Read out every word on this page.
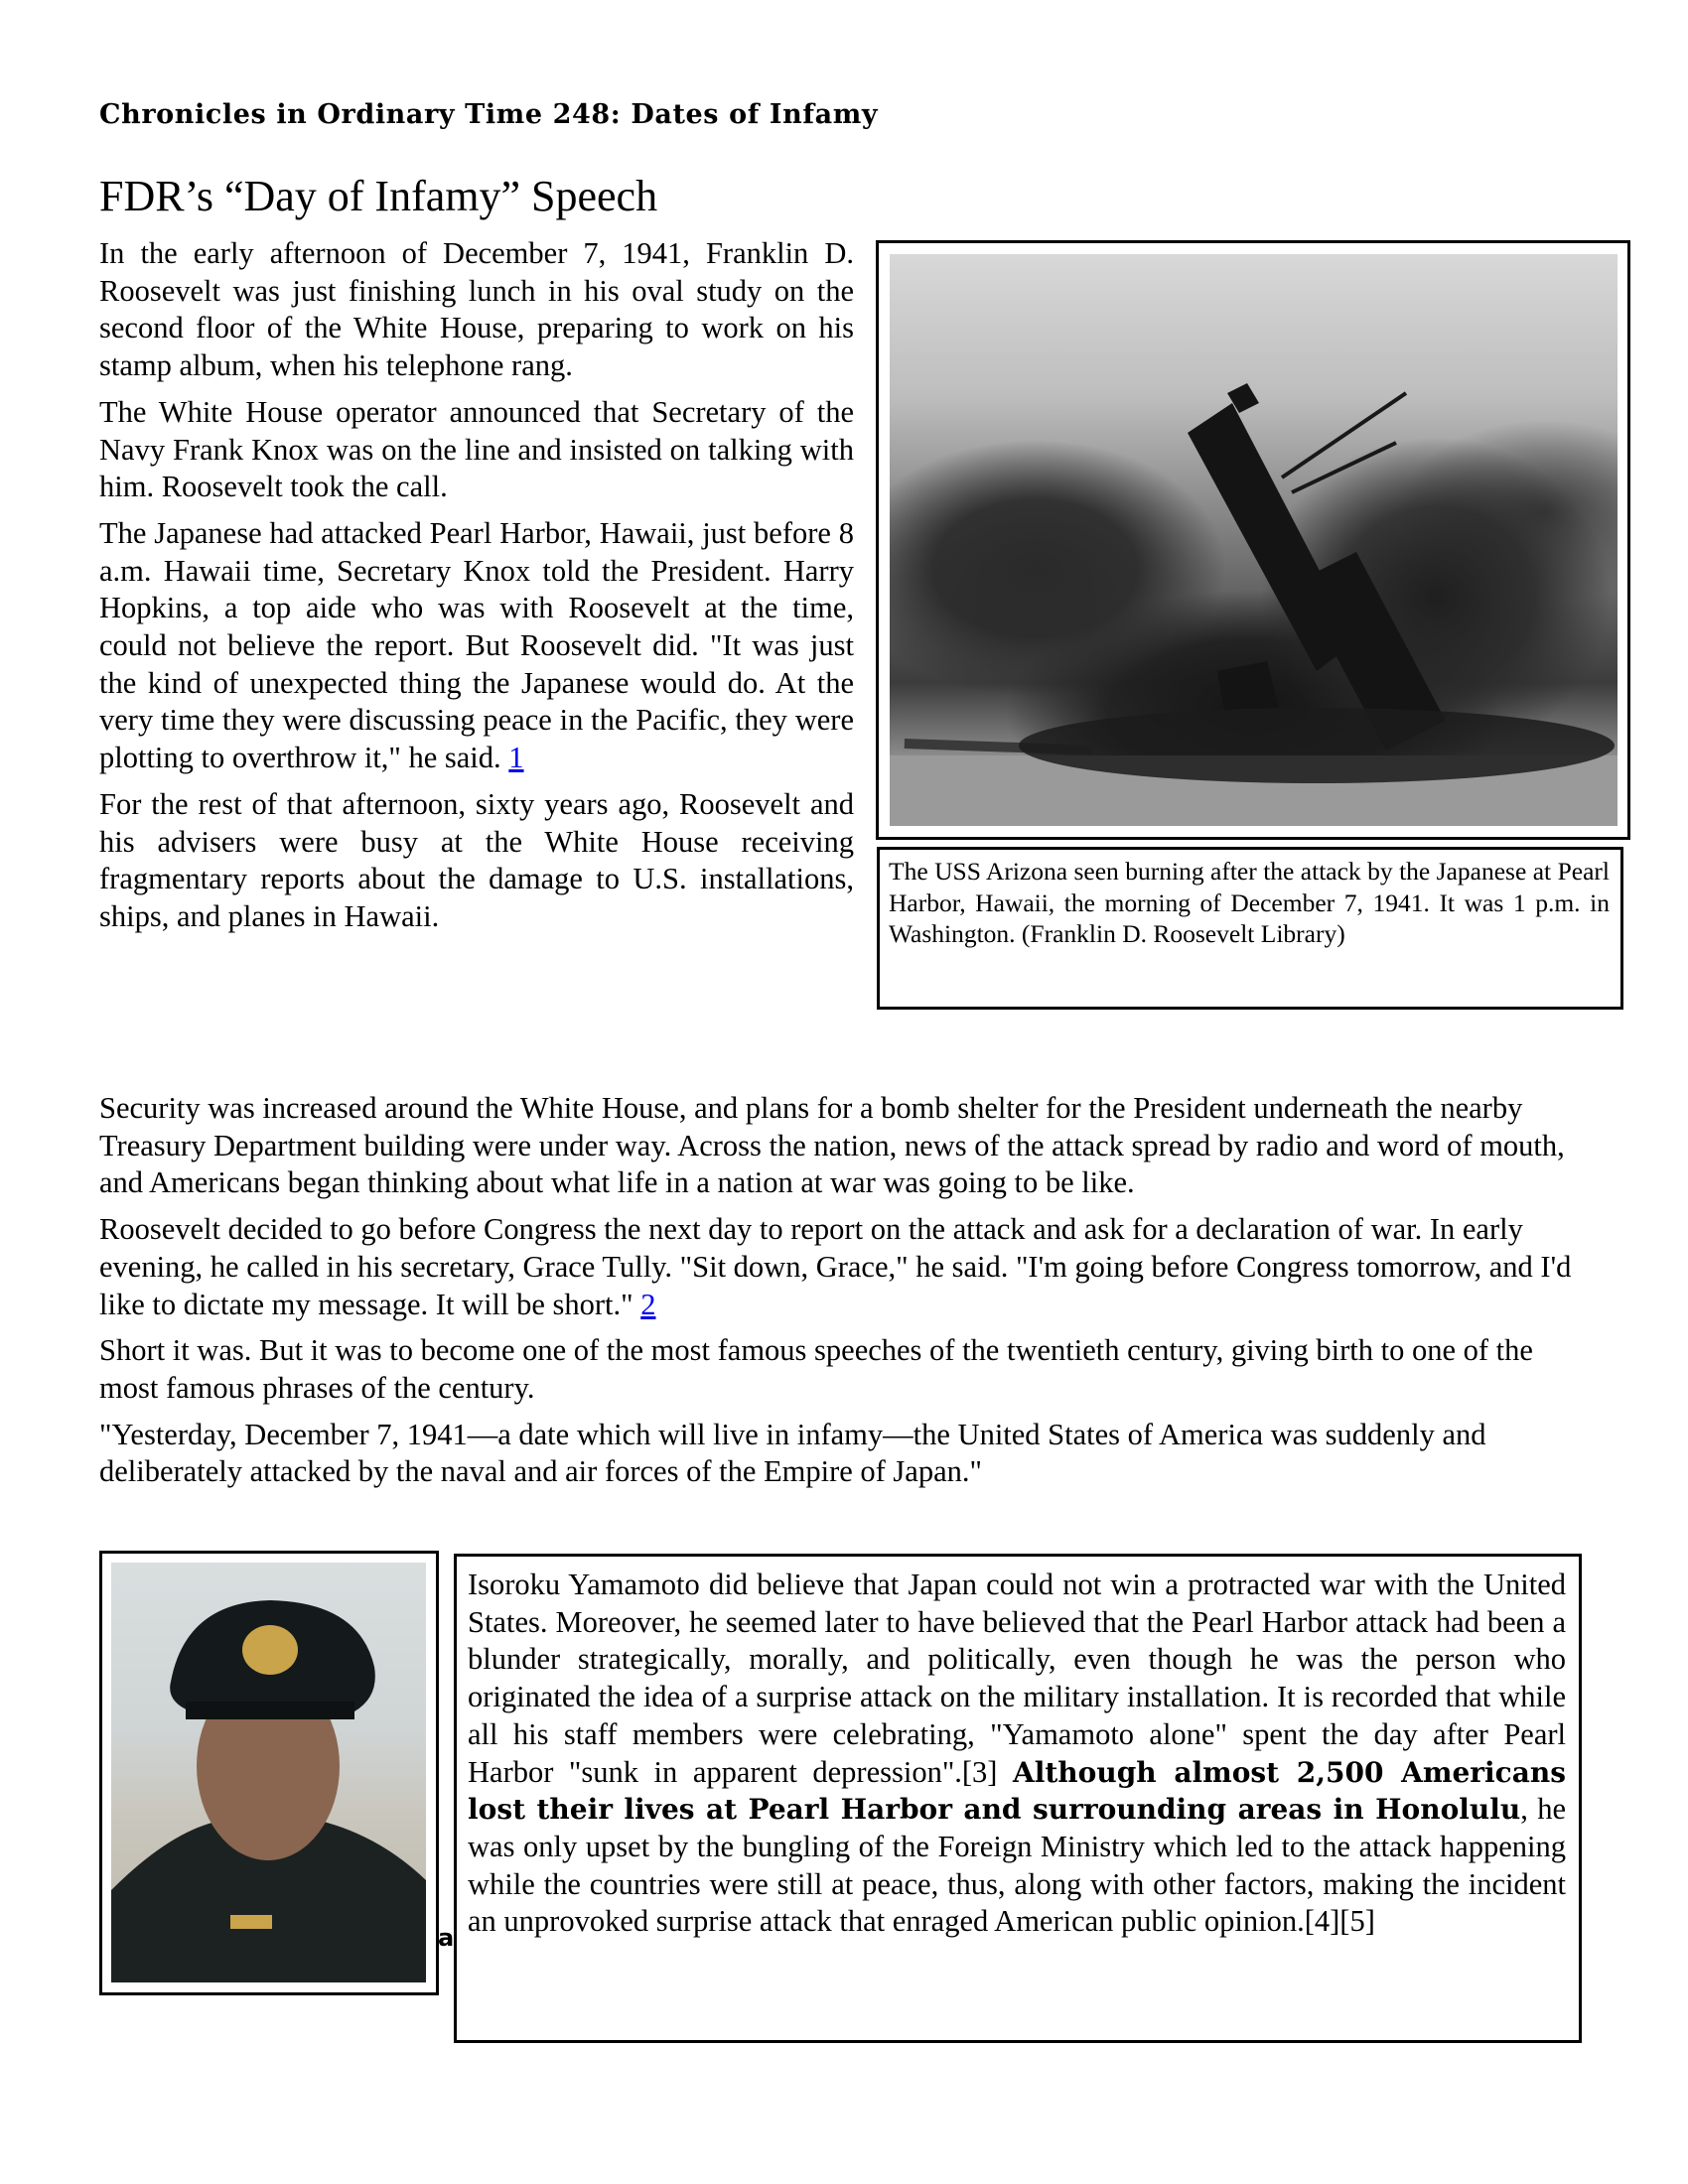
Chronicles in Ordinary Time 248: Dates of Infamy
FDR’s “Day of Infamy” Speech

In the early afternoon of December 7, 1941, Franklin D. Roosevelt was just finishing lunch in his oval study on the second floor of the White House, preparing to work on his stamp album, when his telephone rang.

The White House operator announced that Secretary of the Navy Frank Knox was on the line and insisted on talking with him. Roosevelt took the call.

The Japanese had attacked Pearl Harbor, Hawaii, just before 8 a.m. Hawaii time, Secretary Knox told the President. Harry Hopkins, a top aide who was with Roosevelt at the time, could not believe the report. But Roosevelt did. "It was just the kind of unexpected thing the Japanese would do. At the very time they were discussing peace in the Pacific, they were plotting to overthrow it," he said. 1

For the rest of that afternoon, sixty years ago, Roosevelt and his advisers were busy at the White House receiving fragmentary reports about the damage to U.S. installations, ships, and planes in Hawaii.

The USS Arizona seen burning after the attack by the Japanese at Pearl Harbor, Hawaii, the morning of December 7, 1941. It was 1 p.m. in Washington. (Franklin D. Roosevelt Library)

Security was increased around the White House, and plans for a bomb shelter for the President underneath the nearby Treasury Department building were under way. Across the nation, news of the attack spread by radio and word of mouth, and Americans began thinking about what life in a nation at war was going to be like.

Roosevelt decided to go before Congress the next day to report on the attack and ask for a declaration of war. In early evening, he called in his secretary, Grace Tully. "Sit down, Grace," he said. "I'm going before Congress tomorrow, and I'd like to dictate my message. It will be short." 2

Short it was. But it was to become one of the most famous speeches of the twentieth century, giving birth to one of the most famous phrases of the century.

"Yesterday, December 7, 1941—a date which will live in infamy—the United States of America was suddenly and deliberately attacked by the naval and air forces of the Empire of Japan."

a

Isoroku Yamamoto did believe that Japan could not win a protracted war with the United States. Moreover, he seemed later to have believed that the Pearl Harbor attack had been a blunder strategically, morally, and politically, even though he was the person who originated the idea of a surprise attack on the military installation. It is recorded that while all his staff members were celebrating, "Yamamoto alone" spent the day after Pearl Harbor "sunk in apparent depression".[3] Although almost 2,500 Americans lost their lives at Pearl Harbor and surrounding areas in Honolulu, he was only upset by the bungling of the Foreign Ministry which led to the attack happening while the countries were still at peace, thus, along with other factors, making the incident an unprovoked surprise attack that enraged American public opinion.[4][5]
